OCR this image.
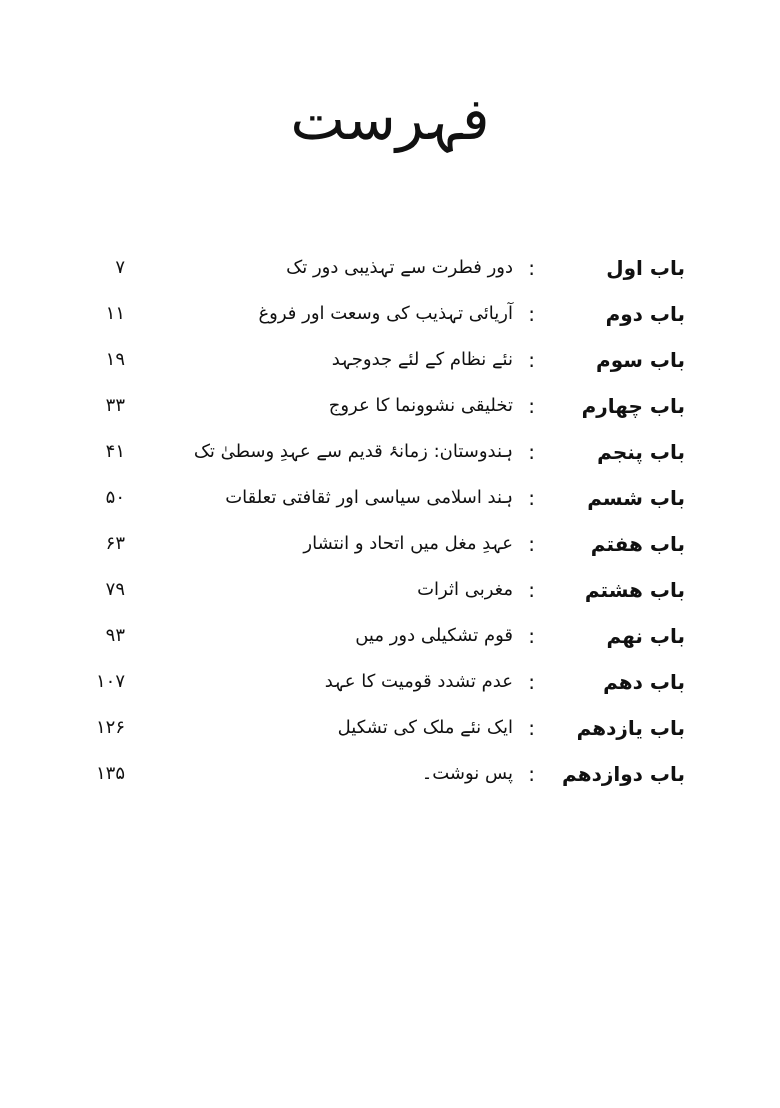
فہرست
باب اول
:
دور فطرت سے تہذیبی دور تک
۷
باب دوم
:
آریائی تہذیب کی وسعت اور فروغ
۱۱
باب سوم
:
نئے نظام کے لئے جدوجہد
۱۹
باب چھارم
:
تخلیقی نشوونما کا عروج
۳۳
باب پنجم
:
ہندوستان: زمانۂ قدیم سے عہدِ وسطیٰ تک
۴۱
باب شسم
:
ہند اسلامی سیاسی اور ثقافتی تعلقات
۵۰
باب ھفتم
:
عہدِ مغل میں اتحاد و انتشار
۶۳
باب ھشتم
:
مغربی اثرات
۷۹
باب نھم
:
قوم تشکیلی دور میں
۹۳
باب دھم
:
عدم تشدد قومیت کا عہد
۱۰۷
باب یازدھم
:
ایک نئے ملک کی تشکیل
۱۲۶
باب دوازدھم
:
پس نوشت۔
۱۳۵
